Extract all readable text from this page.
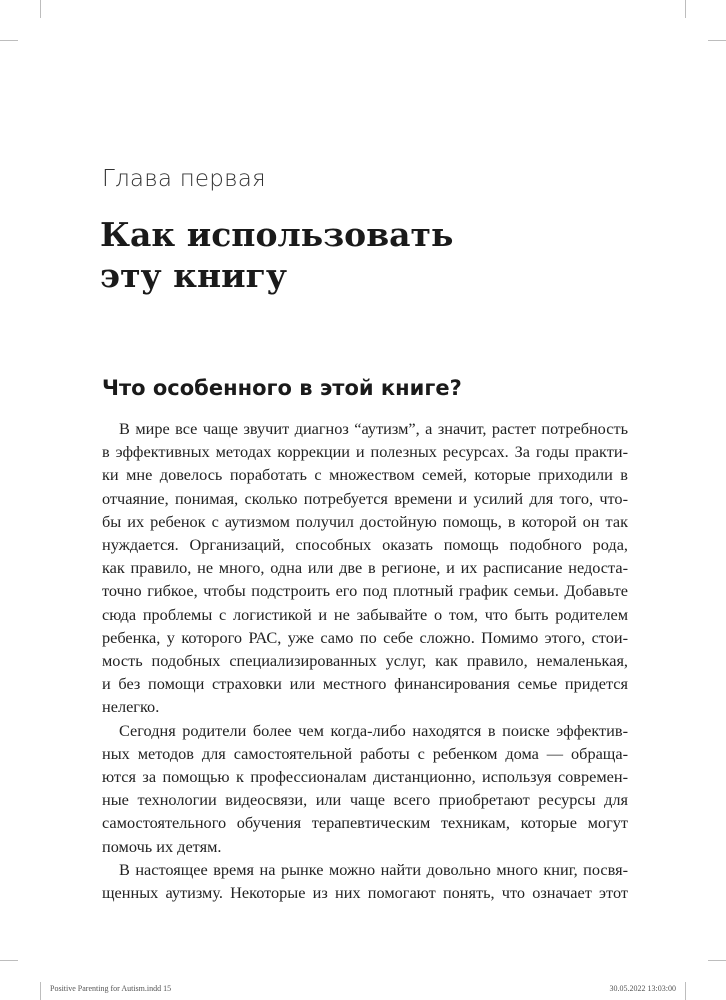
Глава первая
Как использовать
эту книгу
Что особенного в этой книге?

В мире все чаще звучит диагноз “аутизм”, а значит, растет потребность
в эффективных методах коррекции и полезных ресурсах. За годы практи-
ки мне довелось поработать с множеством семей, которые приходили в
отчаяние, понимая, сколько потребуется времени и усилий для того, что-
бы их ребенок с аутизмом получил достойную помощь, в которой он так
нуждается. Организаций, способных оказать помощь подобного рода,
как правило, не много, одна или две в регионе, и их расписание недоста-
точно гибкое, чтобы подстроить его под плотный график семьи. Добавьте
сюда проблемы с логистикой и не забывайте о том, что быть родителем
ребенка, у которого РАС, уже само по себе сложно. Помимо этого, стои-
мость подобных специализированных услуг, как правило, немаленькая,
и без помощи страховки или местного финансирования семье придется
нелегко.

Сегодня родители более чем когда-либо находятся в поиске эффектив-
ных методов для самостоятельной работы с ребенком дома — обраща-
ются за помощью к профессионалам дистанционно, используя современ-
ные технологии видеосвязи, или чаще всего приобретают ресурсы для
самостоятельного обучения терапевтическим техникам, которые могут
помочь их детям.

В настоящее время на рынке можно найти довольно много книг, посвя-
щенных аутизму. Некоторые из них помогают понять, что означает этот

Positive Parenting for Autism.indd 15	30.05.2022 13:03:00
